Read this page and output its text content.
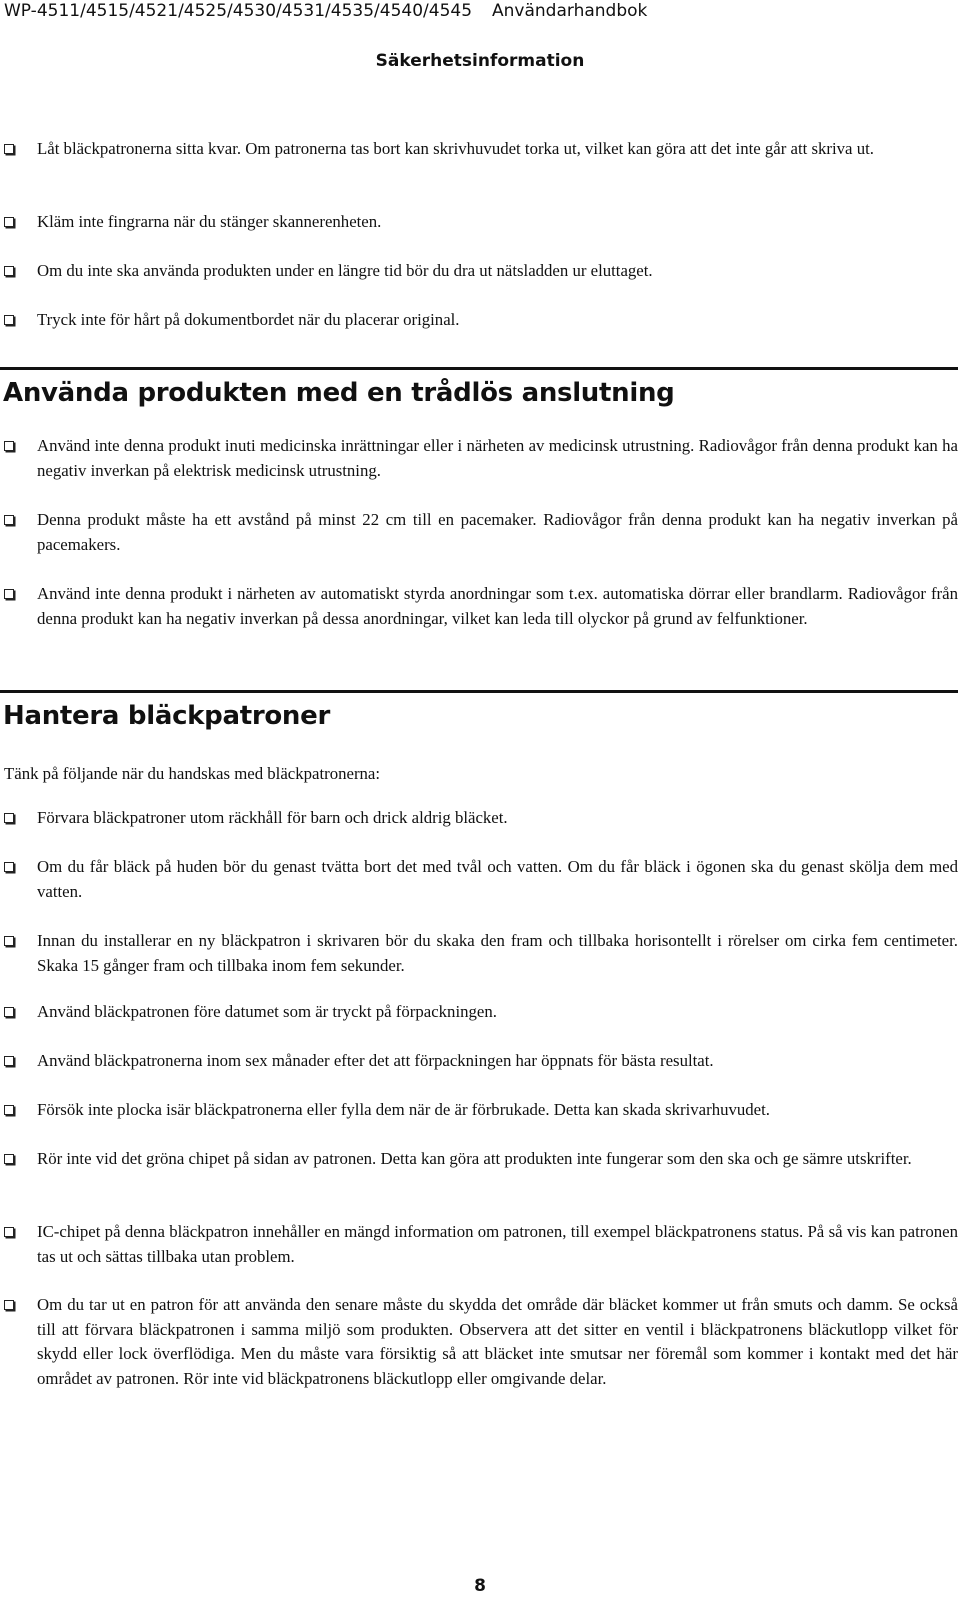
WP-4511/4515/4521/4525/4530/4531/4535/4540/4545 Användarhandbok
Säkerhetsinformation
Låt bläckpatronerna sitta kvar. Om patronerna tas bort kan skrivhuvudet torka ut, vilket kan göra att det inte går att skriva ut.
Kläm inte fingrarna när du stänger skannerenheten.
Om du inte ska använda produkten under en längre tid bör du dra ut nätsladden ur eluttaget.
Tryck inte för hårt på dokumentbordet när du placerar original.
Använda produkten med en trådlös anslutning
Använd inte denna produkt inuti medicinska inrättningar eller i närheten av medicinsk utrustning. Radiovågor från denna produkt kan ha negativ inverkan på elektrisk medicinsk utrustning.
Denna produkt måste ha ett avstånd på minst 22 cm till en pacemaker. Radiovågor från denna produkt kan ha negativ inverkan på pacemakers.
Använd inte denna produkt i närheten av automatiskt styrda anordningar som t.ex. automatiska dörrar eller brandlarm. Radiovågor från denna produkt kan ha negativ inverkan på dessa anordningar, vilket kan leda till olyckor på grund av felfunktioner.
Hantera bläckpatroner
Tänk på följande när du handskas med bläckpatronerna:
Förvara bläckpatroner utom räckhåll för barn och drick aldrig bläcket.
Om du får bläck på huden bör du genast tvätta bort det med tvål och vatten. Om du får bläck i ögonen ska du genast skölja dem med vatten.
Innan du installerar en ny bläckpatron i skrivaren bör du skaka den fram och tillbaka horisontellt i rörelser om cirka fem centimeter. Skaka 15 gånger fram och tillbaka inom fem sekunder.
Använd bläckpatronen före datumet som är tryckt på förpackningen.
Använd bläckpatronerna inom sex månader efter det att förpackningen har öppnats för bästa resultat.
Försök inte plocka isär bläckpatronerna eller fylla dem när de är förbrukade. Detta kan skada skrivarhuvudet.
Rör inte vid det gröna chipet på sidan av patronen. Detta kan göra att produkten inte fungerar som den ska och ge sämre utskrifter.
IC-chipet på denna bläckpatron innehåller en mängd information om patronen, till exempel bläckpatronens status. På så vis kan patronen tas ut och sättas tillbaka utan problem.
Om du tar ut en patron för att använda den senare måste du skydda det område där bläcket kommer ut från smuts och damm. Se också till att förvara bläckpatronen i samma miljö som produkten. Observera att det sitter en ventil i bläckpatronens bläckutlopp vilket för skydd eller lock överflödiga. Men du måste vara försiktig så att bläcket inte smutsar ner föremål som kommer i kontakt med det här området av patronen. Rör inte vid bläckpatronens bläckutlopp eller omgivande delar.
8
